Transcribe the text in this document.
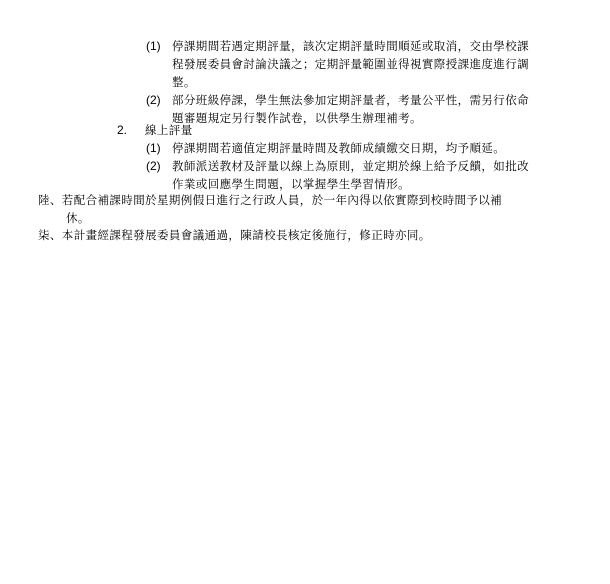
(1) 停課期間若遇定期評量，該次定期評量時間順延或取消，交由學校課
程發展委員會討論決議之；定期評量範圍並得視實際授課進度進行調
整。
(2) 部分班級停課，學生無法參加定期評量者，考量公平性，需另行依命
題審題規定另行製作試卷，以供學生辦理補考。
2. 線上評量
(1) 停課期間若適值定期評量時間及教師成績繳交日期，均予順延。
(2) 教師派送教材及評量以線上為原則，並定期於線上給予反饋，如批改
作業或回應學生問題，以掌握學生學習情形。
陸、若配合補課時間於星期例假日進行之行政人員，於一年內得以依實際到校時間予以補
休。
柒、本計畫經課程發展委員會議通過，陳請校長核定後施行，修正時亦同。
